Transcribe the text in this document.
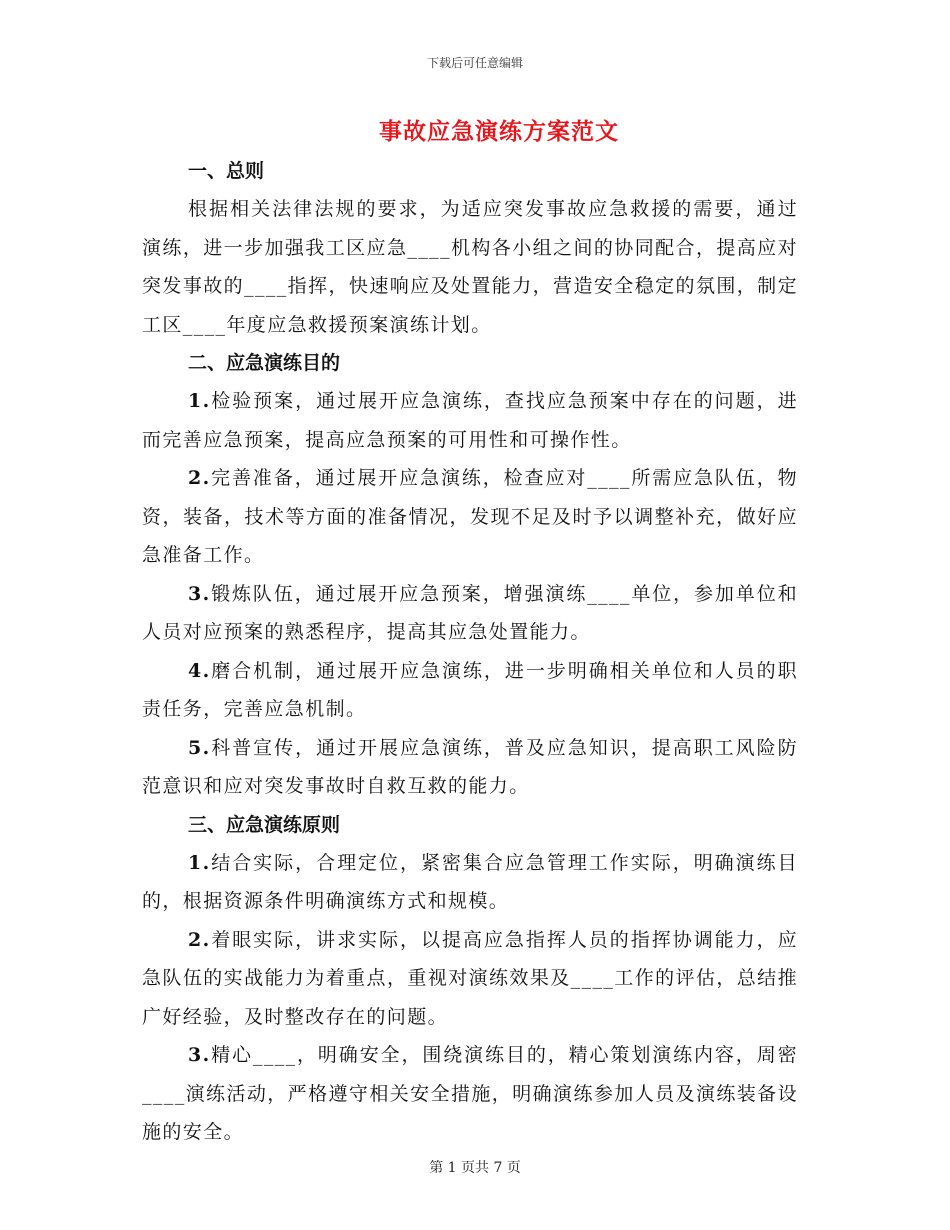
下载后可任意编辑
事故应急演练方案范文
一、总则

根据相关法律法规的要求，为适应突发事故应急救援的需要，通过演练，进一步加强我工区应急____机构各小组之间的协同配合，提高应对突发事故的____指挥，快速响应及处置能力，营造安全稳定的氛围，制定工区____年度应急救援预案演练计划。

二、应急演练目的

1.检验预案，通过展开应急演练，查找应急预案中存在的问题，进而完善应急预案，提高应急预案的可用性和可操作性。

2.完善准备，通过展开应急演练，检查应对____所需应急队伍，物资，装备，技术等方面的准备情况，发现不足及时予以调整补充，做好应急准备工作。

3.锻炼队伍，通过展开应急预案，增强演练____单位，参加单位和人员对应预案的熟悉程序，提高其应急处置能力。

4.磨合机制，通过展开应急演练，进一步明确相关单位和人员的职责任务，完善应急机制。

5.科普宣传，通过开展应急演练，普及应急知识，提高职工风险防范意识和应对突发事故时自救互救的能力。

三、应急演练原则

1.结合实际，合理定位，紧密集合应急管理工作实际，明确演练目的，根据资源条件明确演练方式和规模。

2.着眼实际，讲求实际，以提高应急指挥人员的指挥协调能力，应急队伍的实战能力为着重点，重视对演练效果及____工作的评估，总结推广好经验，及时整改存在的问题。

3.精心____，明确安全，围绕演练目的，精心策划演练内容，周密____演练活动，严格遵守相关安全措施，明确演练参加人员及演练装备设施的安全。

第 1 页共 7 页
